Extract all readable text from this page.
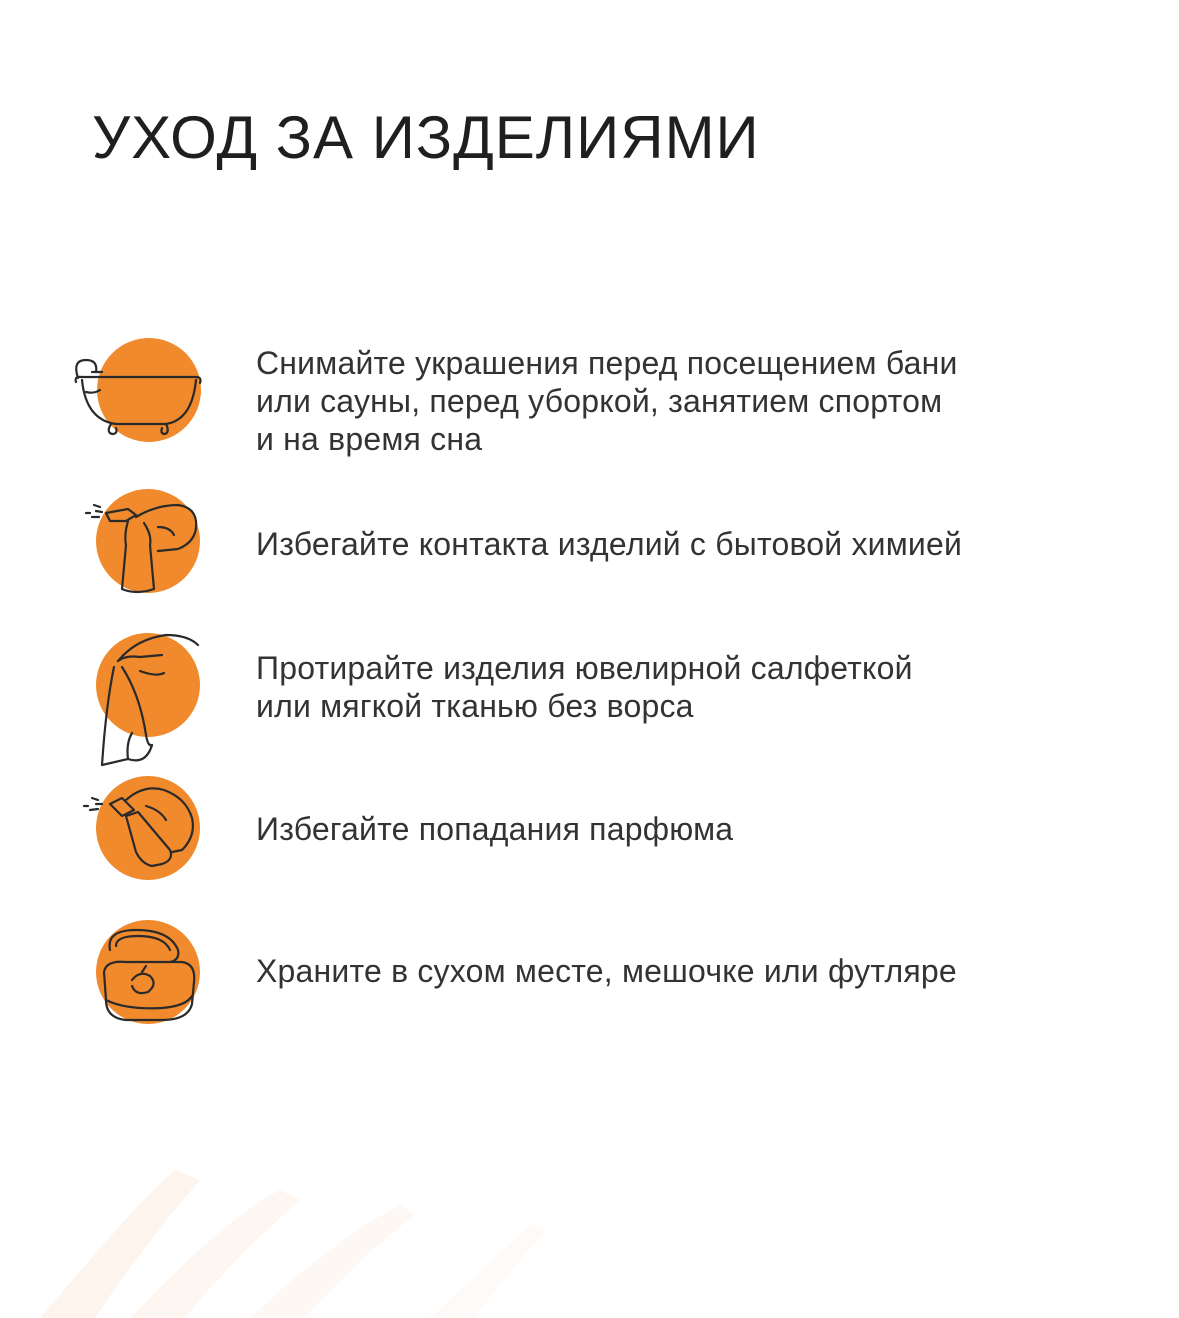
УХОД ЗА ИЗДЕЛИЯМИ

Снимайте украшения перед посещением бани
или сауны, перед уборкой, занятием спортом
и на время сна

Избегайте контакта изделий с бытовой химией

Протирайте изделия ювелирной салфеткой
или мягкой тканью без ворса

Избегайте попадания парфюма

Храните в сухом месте, мешочке или футляре
